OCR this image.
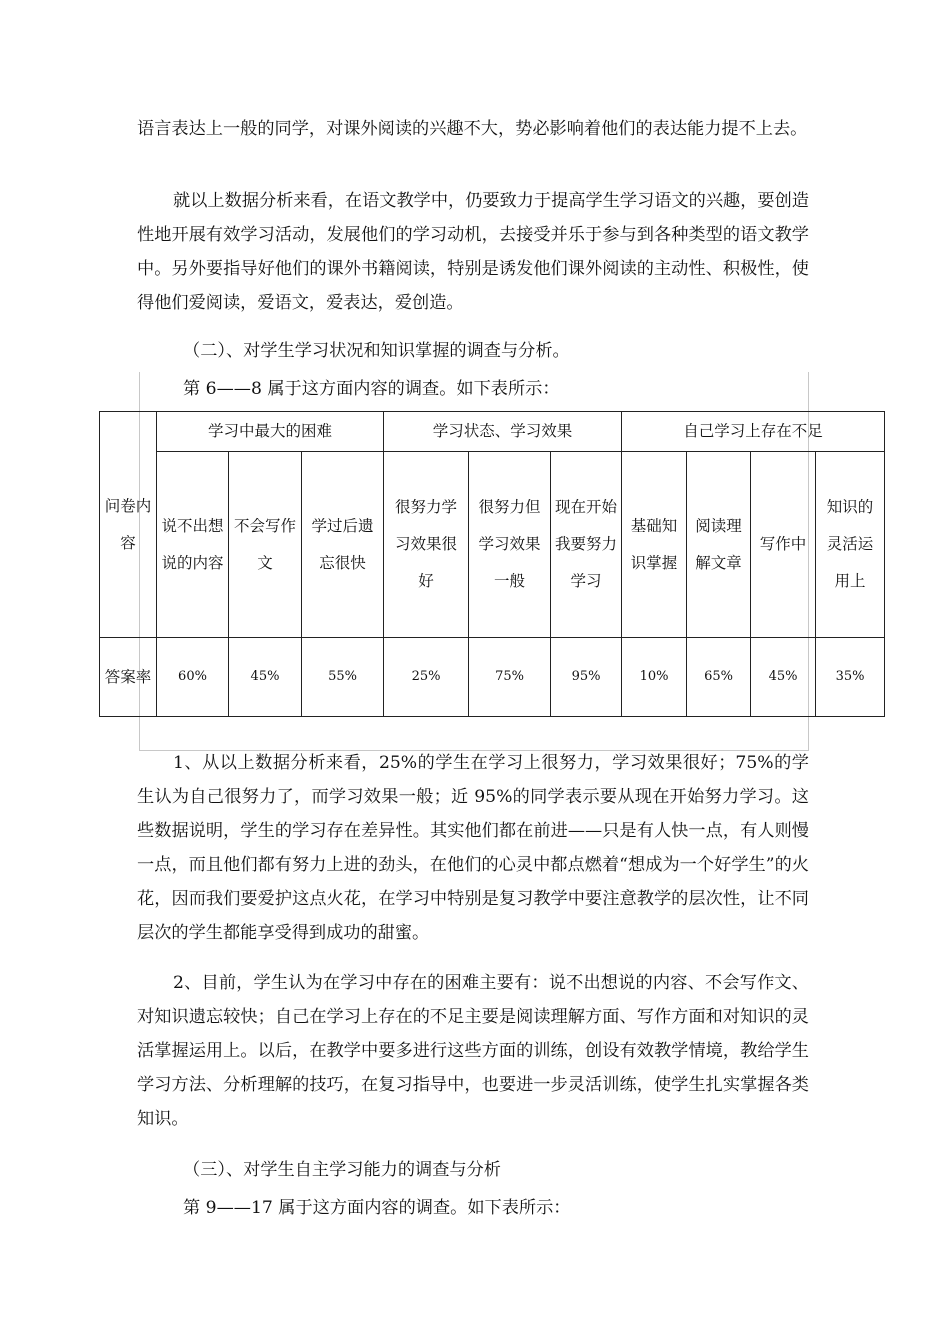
语言表达上一般的同学，对课外阅读的兴趣不大，势必影响着他们的表达能力提不上去。

就以上数据分析来看，在语文教学中，仍要致力于提高学生学习语文的兴趣，要创造性地开展有效学习活动，发展他们的学习动机，去接受并乐于参与到各种类型的语文教学中。另外要指导好他们的课外书籍阅读，特别是诱发他们课外阅读的主动性、积极性，使得他们爱阅读，爱语文，爱表达，爱创造。

（二）、对学生学习状况和知识掌握的调查与分析。

第 6——8 属于这方面内容的调查。如下表所示：

问卷内容	学习中最大的困难			学习状态、学习效果			自己学习上存在不足			
	说不出想说的内容	不会写作文	学过后遗忘很快	很努力学习效果很好	很努力但学习效果一般	现在开始我要努力学习	基础知识掌握	阅读理解文章	写作中	知识的灵活运用上
答案率	60%	45%	55%	25%	75%	95%	10%	65%	45%	35%

1、从以上数据分析来看，25%的学生在学习上很努力，学习效果很好；75%的学生认为自己很努力了，而学习效果一般；近 95%的同学表示要从现在开始努力学习。这些数据说明，学生的学习存在差异性。其实他们都在前进——只是有人快一点，有人则慢一点，而且他们都有努力上进的劲头，在他们的心灵中都点燃着“想成为一个好学生”的火花，因而我们要爱护这点火花，在学习中特别是复习教学中要注意教学的层次性，让不同层次的学生都能享受得到成功的甜蜜。

2、目前，学生认为在学习中存在的困难主要有：说不出想说的内容、不会写作文、对知识遗忘较快；自己在学习上存在的不足主要是阅读理解方面、写作方面和对知识的灵活掌握运用上。以后，在教学中要多进行这些方面的训练，创设有效教学情境，教给学生学习方法、分析理解的技巧，在复习指导中，也要进一步灵活训练，使学生扎实掌握各类知识。

（三）、对学生自主学习能力的调查与分析

第 9——17 属于这方面内容的调查。如下表所示：
